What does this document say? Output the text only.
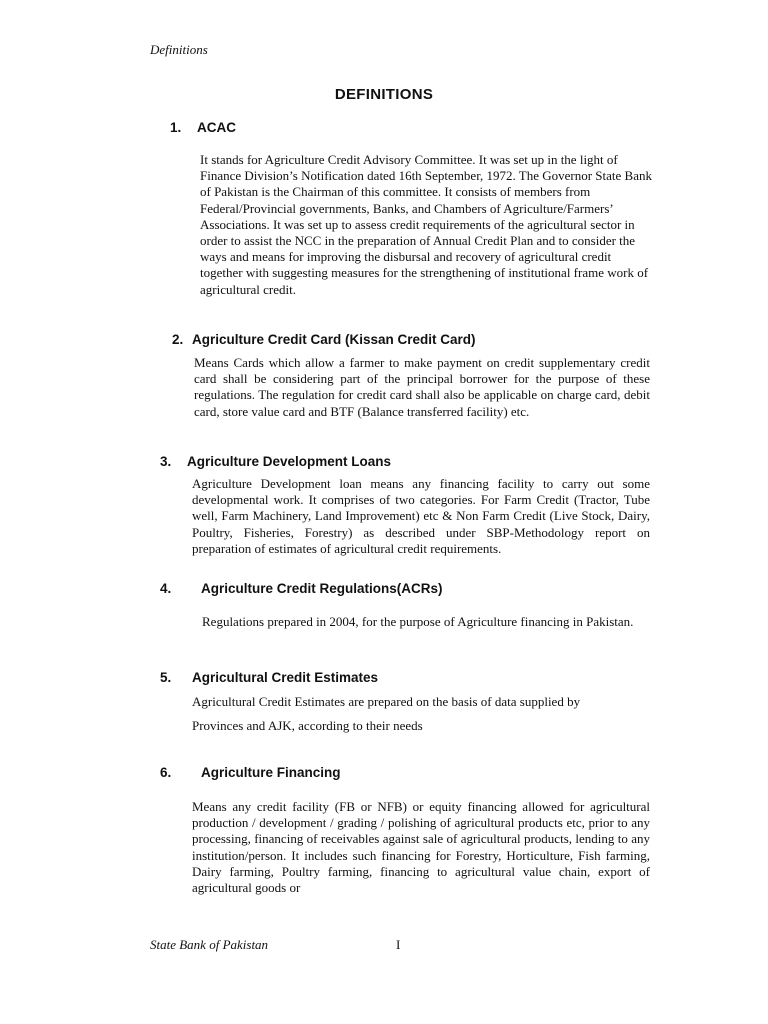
Definitions
DEFINITIONS
1. ACAC
It stands for Agriculture Credit Advisory Committee. It was set up in the light of Finance Division’s Notification dated 16th September, 1972. The Governor State Bank of Pakistan is the Chairman of this committee. It consists of members from Federal/Provincial governments, Banks, and Chambers of Agriculture/Farmers’ Associations. It was set up to assess credit requirements of the agricultural sector in order to assist the NCC in the preparation of Annual Credit Plan and to consider the ways and means for improving the disbursal and recovery of agricultural credit together with suggesting measures for the strengthening of institutional frame work of agricultural credit.
2. Agriculture Credit Card (Kissan Credit Card)
Means Cards which allow a farmer to make payment on credit supplementary credit card shall be considering part of the principal borrower for the purpose of these regulations. The regulation for credit card shall also be applicable on charge card, debit card, store value card and BTF (Balance transferred facility) etc.
3. Agriculture Development Loans
Agriculture Development loan means any financing facility to carry out some developmental work. It comprises of two categories. For Farm Credit (Tractor, Tube well, Farm Machinery, Land Improvement) etc & Non Farm Credit (Live Stock, Dairy, Poultry, Fisheries, Forestry) as described under SBP-Methodology report on preparation of estimates of agricultural credit requirements.
4. Agriculture Credit Regulations(ACRs)
Regulations prepared in 2004, for the purpose of Agriculture financing in Pakistan.
5. Agricultural Credit Estimates
Agricultural Credit Estimates are prepared on the basis of data supplied by
Provinces and AJK, according to their needs
6. Agriculture Financing
Means any credit facility (FB or NFB) or equity financing allowed for agricultural production / development / grading / polishing of agricultural products etc, prior to any processing, financing of receivables against sale of agricultural products, lending to any institution/person. It includes such financing for Forestry, Horticulture, Fish farming, Dairy farming, Poultry farming, financing to agricultural value chain, export of agricultural goods or
State Bank of Pakistan	I
